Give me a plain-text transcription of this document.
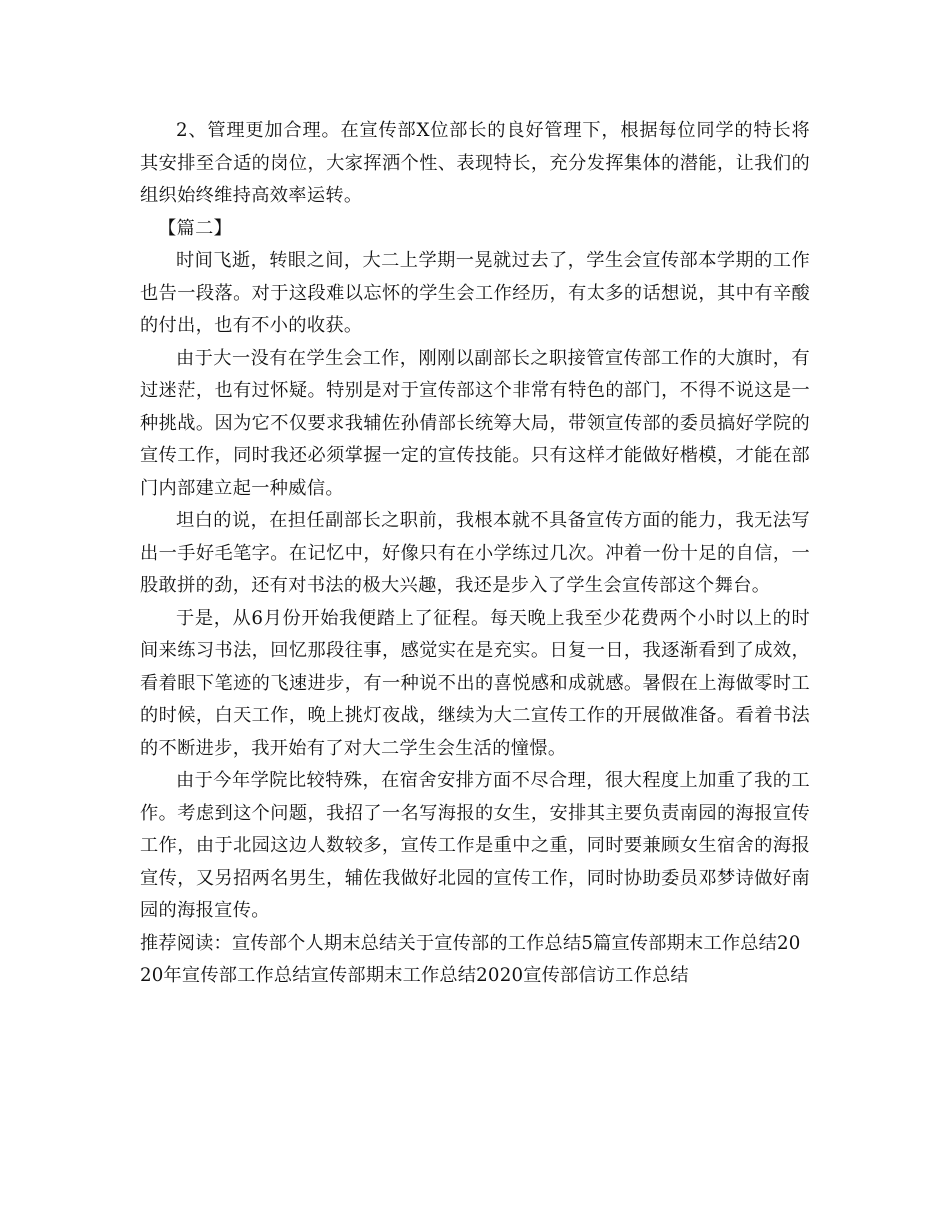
2、管理更加合理。在宣传部X位部长的良好管理下，根据每位同学的特长将其安排至合适的岗位，大家挥洒个性、表现特长，充分发挥集体的潜能，让我们的组织始终维持高效率运转。

【篇二】

时间飞逝，转眼之间，大二上学期一晃就过去了，学生会宣传部本学期的工作也告一段落。对于这段难以忘怀的学生会工作经历，有太多的话想说，其中有辛酸的付出，也有不小的收获。

由于大一没有在学生会工作，刚刚以副部长之职接管宣传部工作的大旗时，有过迷茫，也有过怀疑。特别是对于宣传部这个非常有特色的部门，不得不说这是一种挑战。因为它不仅要求我辅佐孙倩部长统筹大局，带领宣传部的委员搞好学院的宣传工作，同时我还必须掌握一定的宣传技能。只有这样才能做好楷模，才能在部门内部建立起一种威信。

坦白的说，在担任副部长之职前，我根本就不具备宣传方面的能力，我无法写出一手好毛笔字。在记忆中，好像只有在小学练过几次。冲着一份十足的自信，一股敢拼的劲，还有对书法的极大兴趣，我还是步入了学生会宣传部这个舞台。

于是，从6月份开始我便踏上了征程。每天晚上我至少花费两个小时以上的时间来练习书法，回忆那段往事，感觉实在是充实。日复一日，我逐渐看到了成效，看着眼下笔迹的飞速进步，有一种说不出的喜悦感和成就感。暑假在上海做零时工的时候，白天工作，晚上挑灯夜战，继续为大二宣传工作的开展做准备。看着书法的不断进步，我开始有了对大二学生会生活的憧憬。

由于今年学院比较特殊，在宿舍安排方面不尽合理，很大程度上加重了我的工作。考虑到这个问题，我招了一名写海报的女生，安排其主要负责南园的海报宣传工作，由于北园这边人数较多，宣传工作是重中之重，同时要兼顾女生宿舍的海报宣传，又另招两名男生，辅佐我做好北园的宣传工作，同时协助委员邓梦诗做好南园的海报宣传。

推荐阅读：宣传部个人期末总结关于宣传部的工作总结5篇宣传部期末工作总结2020年宣传部工作总结宣传部期末工作总结2020宣传部信访工作总结
